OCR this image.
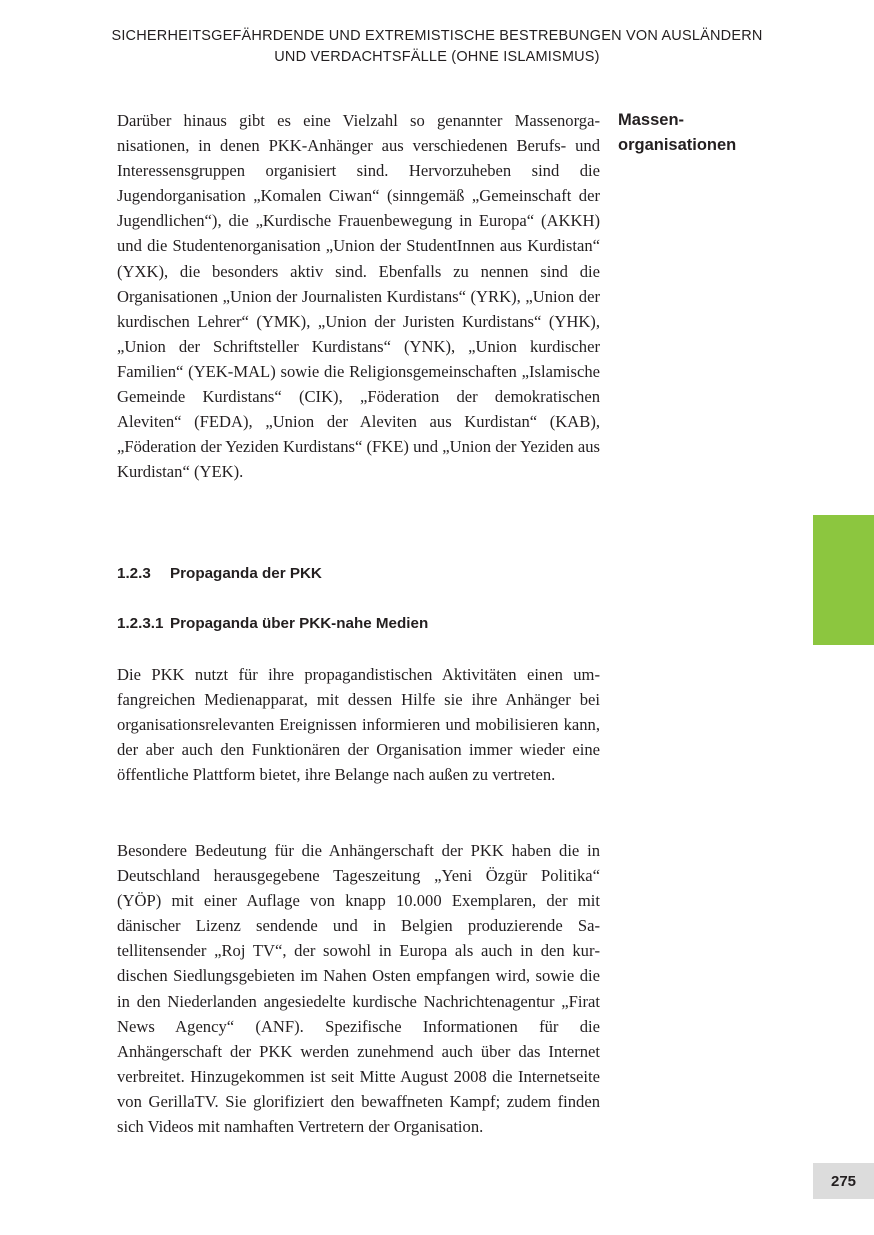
SICHERHEITSGEFÄHRDENDE UND EXTREMISTISCHE BESTREBUNGEN VON AUSLÄNDERN
UND VERDACHTSFÄLLE (OHNE ISLAMISMUS)

Darüber hinaus gibt es eine Vielzahl so genannter Massenorganisationen, in denen PKK-Anhänger aus verschiedenen Berufs- und Interessensgruppen organisiert sind. Hervorzuheben sind die Jugendorganisation „Komalen Ciwan“ (sinngemäß „Gemeinschaft der Jugendlichen“), die „Kurdische Frauenbewegung in Europa“ (AKKH) und die Studentenorganisation „Union der StudentInnen aus Kurdistan“ (YXK), die besonders aktiv sind. Ebenfalls zu nennen sind die Organisationen „Union der Journalisten Kurdistans“ (YRK), „Union der kurdischen Lehrer“ (YMK), „Union der Juristen Kurdistans“ (YHK), „Union der Schriftsteller Kurdistans“ (YNK), „Union kurdischer Familien“ (YEK-MAL) sowie die Religionsgemeinschaften „Islamische Gemeinde Kurdistans“ (CIK), „Föderation der demokratischen Aleviten“ (FEDA), „Union der Aleviten aus Kurdistan“ (KAB), „Föderation der Yeziden Kurdistans“ (FKE) und „Union der Yeziden aus Kurdistan“ (YEK).

Massen-
organisationen
1.2.3 Propaganda der PKK
1.2.3.1 Propaganda über PKK-nahe Medien

Die PKK nutzt für ihre propagandistischen Aktivitäten einen umfangreichen Medienapparat, mit dessen Hilfe sie ihre Anhänger bei organisationsrelevanten Ereignissen informieren und mobilisieren kann, der aber auch den Funktionären der Organisation immer wieder eine öffentliche Plattform bietet, ihre Belange nach außen zu vertreten.

Besondere Bedeutung für die Anhängerschaft der PKK haben die in Deutschland herausgegebene Tageszeitung „Yeni Özgür Politika“ (YÖP) mit einer Auflage von knapp 10.000 Exemplaren, der mit dänischer Lizenz sendende und in Belgien produzierende Satellitensender „Roj TV“, der sowohl in Europa als auch in den kurdischen Siedlungsgebieten im Nahen Osten empfangen wird, sowie die in den Niederlanden angesiedelte kurdische Nachrichtenagentur „Firat News Agency“ (ANF). Spezifische Informationen für die Anhängerschaft der PKK werden zunehmend auch über das Internet verbreitet. Hinzugekommen ist seit Mitte August 2008 die Internetseite von GerillaTV. Sie glorifiziert den bewaffneten Kampf; zudem finden sich Videos mit namhaften Vertretern der Organisation.

275
